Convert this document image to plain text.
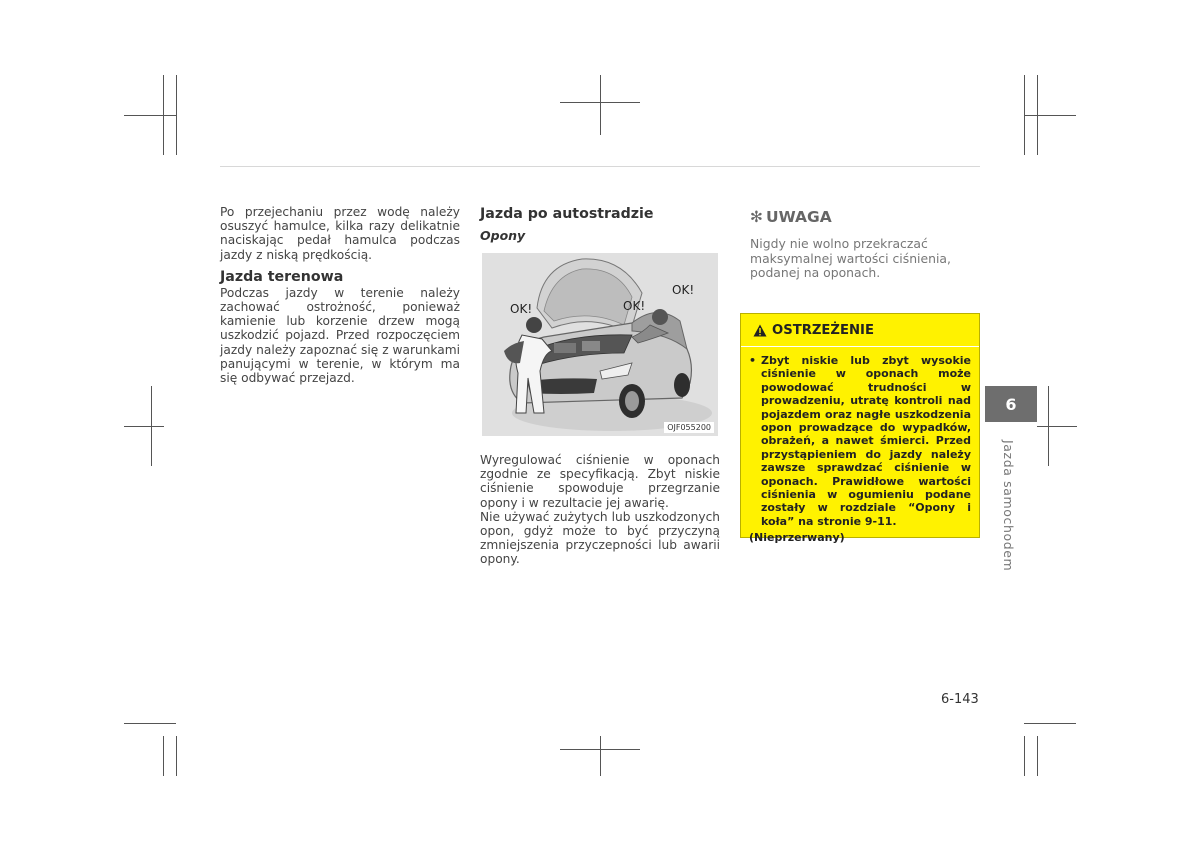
Po przejechaniu przez wodę należy osuszyć hamulce, kilka razy delikatnie naciskając pedał hamulca podczas jazdy z niską prędkością.
Jazda terenowa
Podczas jazdy w terenie należy zachować ostrożność, ponieważ kamienie lub korzenie drzew mogą uszkodzić pojazd. Przed rozpoczęciem jazdy należy zapoznać się z warunkami panującymi w terenie, w którym ma się odbywać przejazd.
Jazda po autostradzie
Opony
OK!	OK!
OK!
OJF055200
Wyregulować ciśnienie w oponach zgodnie ze specyfikacją. Zbyt niskie ciśnienie spowoduje przegrzanie opony i w rezultacie jej awarię.
Nie używać zużytych lub uszkodzonych opon, gdyż może to być przyczyną zmniejszenia przyczepności lub awarii opony.
✻ UWAGA
Nigdy nie wolno przekraczać maksymalnej wartości ciśnienia, podanej na oponach.
OSTRZEŻENIE
• Zbyt niskie lub zbyt wysokie ciśnienie w oponach może powodować trudności w prowadzeniu, utratę kontroli nad pojazdem oraz nagłe uszkodzenia opon prowadzące do wypadków, obrażeń, a nawet śmierci. Przed przystąpieniem do jazdy należy zawsze sprawdzać ciśnienie w oponach. Prawidłowe wartości ciśnienia w ogumieniu podane zostały w rozdziale “Opony i koła” na stronie 9-11.
(Nieprzerwany)
6
Jazda samochodem
6-143
